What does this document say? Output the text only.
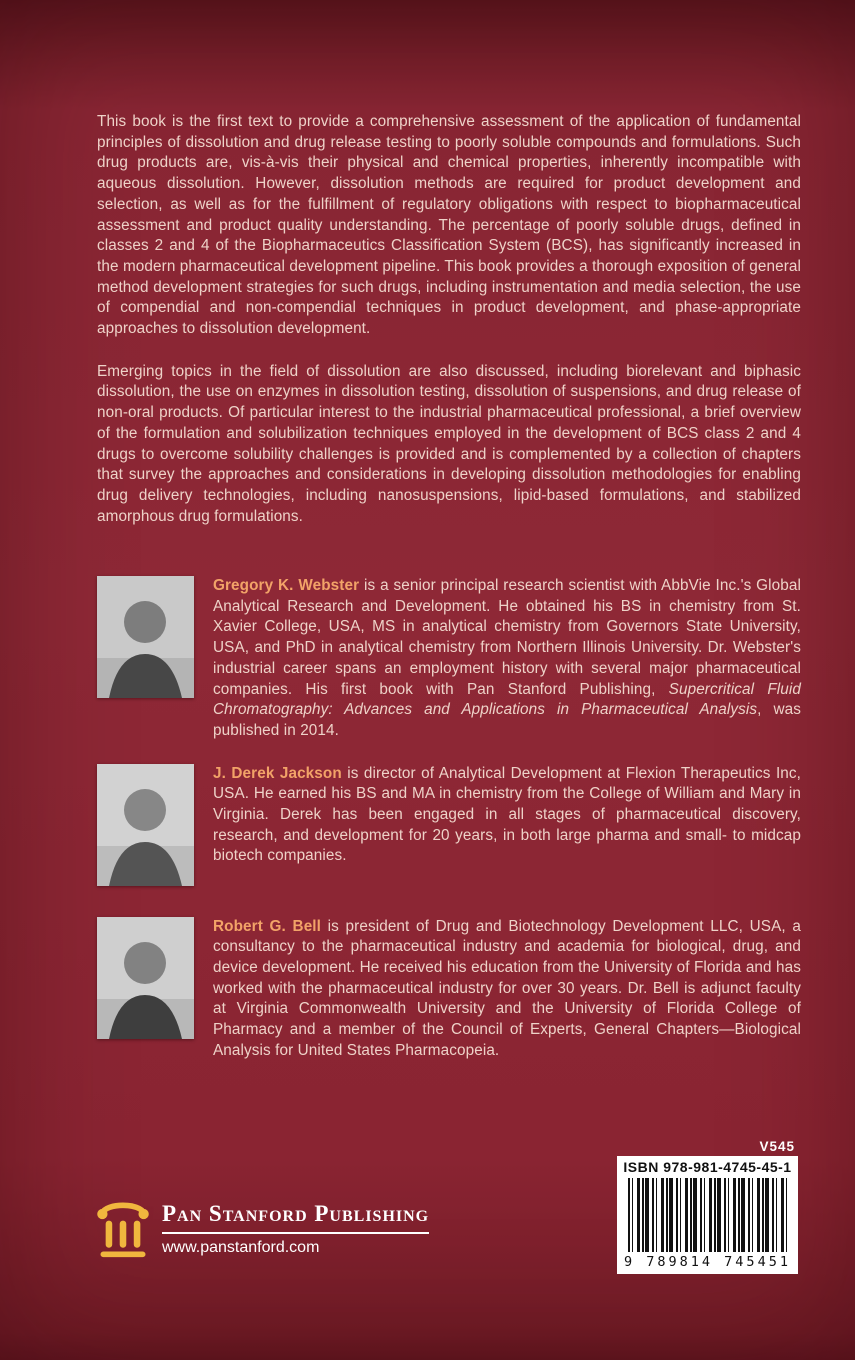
This book is the first text to provide a comprehensive assessment of the application of fundamental principles of dissolution and drug release testing to poorly soluble compounds and formulations. Such drug products are, vis-à-vis their physical and chemical properties, inherently incompatible with aqueous dissolution. However, dissolution methods are required for product development and selection, as well as for the fulfillment of regulatory obligations with respect to biopharmaceutical assessment and product quality understanding. The percentage of poorly soluble drugs, defined in classes 2 and 4 of the Biopharmaceutics Classification System (BCS), has significantly increased in the modern pharmaceutical development pipeline. This book provides a thorough exposition of general method development strategies for such drugs, including instrumentation and media selection, the use of compendial and non-compendial techniques in product development, and phase-appropriate approaches to dissolution development.

Emerging topics in the field of dissolution are also discussed, including biorelevant and biphasic dissolution, the use on enzymes in dissolution testing, dissolution of suspensions, and drug release of non-oral products. Of particular interest to the industrial pharmaceutical professional, a brief overview of the formulation and solubilization techniques employed in the development of BCS class 2 and 4 drugs to overcome solubility challenges is provided and is complemented by a collection of chapters that survey the approaches and considerations in developing dissolution methodologies for enabling drug delivery technologies, including nanosuspensions, lipid-based formulations, and stabilized amorphous drug formulations.

Gregory K. Webster is a senior principal research scientist with AbbVie Inc.'s Global Analytical Research and Development. He obtained his BS in chemistry from St. Xavier College, USA, MS in analytical chemistry from Governors State University, USA, and PhD in analytical chemistry from Northern Illinois University. Dr. Webster's industrial career spans an employment history with several major pharmaceutical companies. His first book with Pan Stanford Publishing, Supercritical Fluid Chromatography: Advances and Applications in Pharmaceutical Analysis, was published in 2014.

J. Derek Jackson is director of Analytical Development at Flexion Therapeutics Inc, USA. He earned his BS and MA in chemistry from the College of William and Mary in Virginia. Derek has been engaged in all stages of pharmaceutical discovery, research, and development for 20 years, in both large pharma and small- to midcap biotech companies.

Robert G. Bell is president of Drug and Biotechnology Development LLC, USA, a consultancy to the pharmaceutical industry and academia for biological, drug, and device development. He received his education from the University of Florida and has worked with the pharmaceutical industry for over 30 years. Dr. Bell is adjunct faculty at Virginia Commonwealth University and the University of Florida College of Pharmacy and a member of the Council of Experts, General Chapters—Biological Analysis for United States Pharmacopeia.

Pan Stanford Publishing
www.panstanford.com
V545
ISBN 978-981-4745-45-1
9 789814 745451
